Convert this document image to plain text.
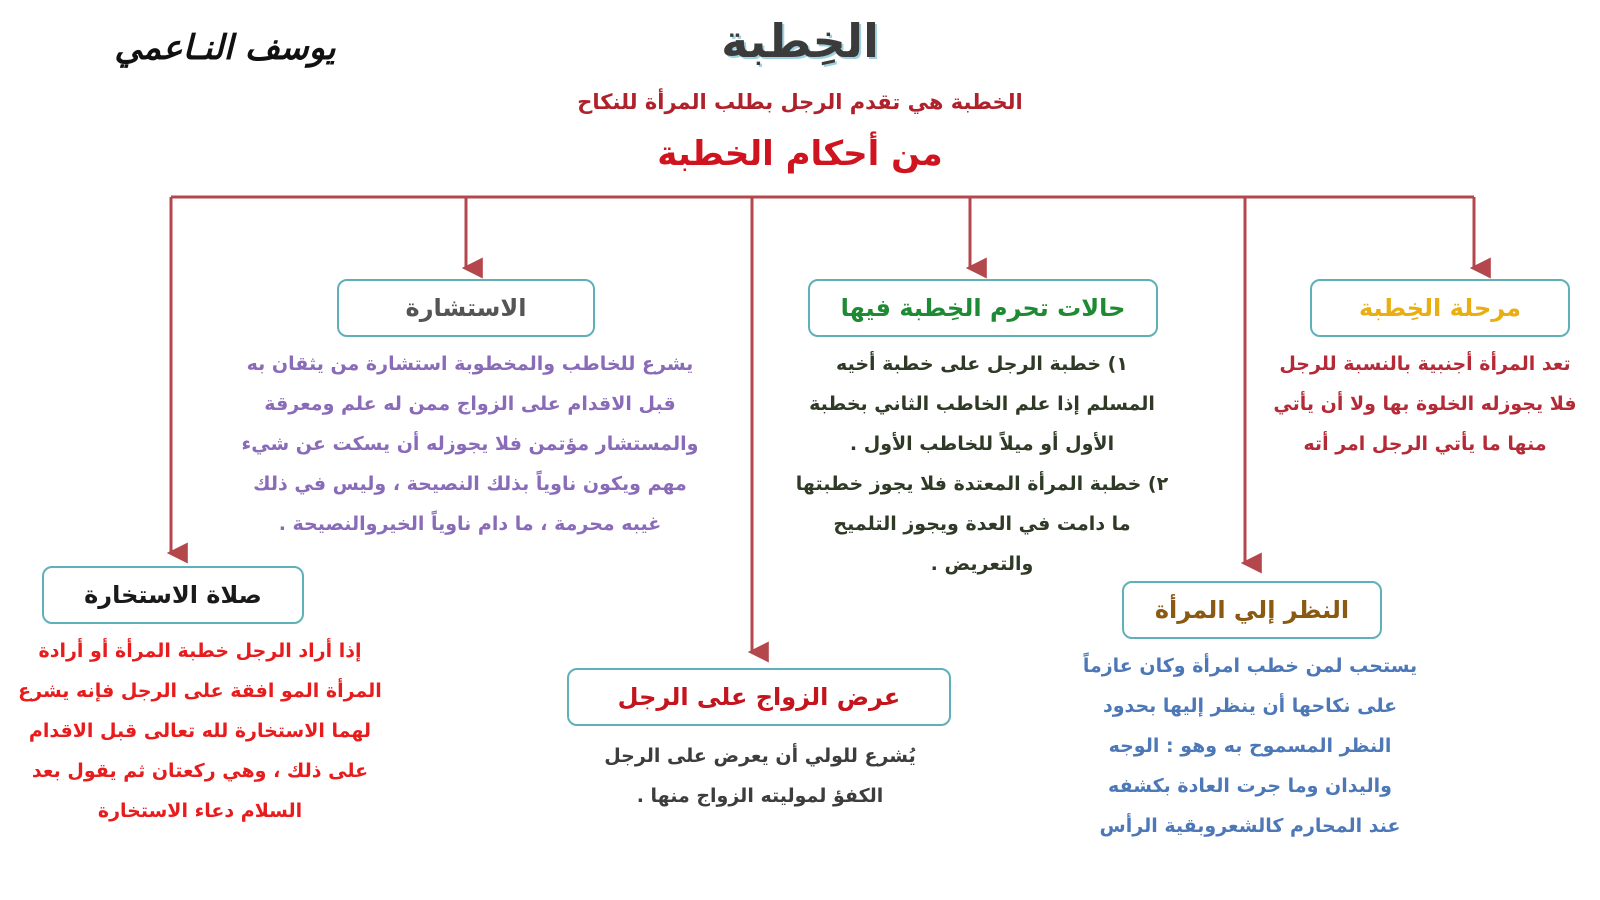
الخِطبة
يوسف النـاعمي
الخطبة هي تقدم الرجل بطلب المرأة للنكاح
من أحكام الخطبة
مرحلة الخِطبة
تعد المرأة أجنبية بالنسبة للرجل
فلا يجوزله الخلوة بها ولا أن يأتي
منها ما يأتي الرجل امر أته
حالات تحرم الخِطبة فيها
١) خطبة الرجل على خطبة أخيه
المسلم إذا علم الخاطب الثاني بخطبة
الأول أو ميلاً للخاطب الأول .
٢) خطبة المرأة المعتدة فلا يجوز خطبتها
ما دامت في العدة ويجوز التلميح
والتعريض .
الاستشارة
يشرع للخاطب والمخطوبة استشارة من يثقان به
قبل الاقدام على الزواج ممن له علم ومعرقة
والمستشار مؤتمن فلا يجوزله أن يسكت عن شيء
مهم ويكون ناوياً بذلك النصيحة ، وليس في ذلك
غيبه محرمة ، ما دام ناوياً الخيروالنصيحة .
النظر إلي المرأة
يستحب لمن خطب امرأة وكان عازماً
على نكاحها أن ينظر إليها بحدود
النظر المسموح به وهو : الوجه
واليدان وما جرت العادة بكشفه
عند المحارم كالشعروبقية الرأس
عرض الزواج على الرجل
يُشرع للولي أن يعرض على الرجل
الكفؤ لموليته الزواج منها .
صلاة الاستخارة
إذا أراد الرجل خطبة المرأة أو أرادة
المرأة المو افقة على الرجل فإنه يشرع
لهما الاستخارة لله تعالى قبل الاقدام
على ذلك ، وهي ركعتان ثم يقول بعد
السلام دعاء الاستخارة
